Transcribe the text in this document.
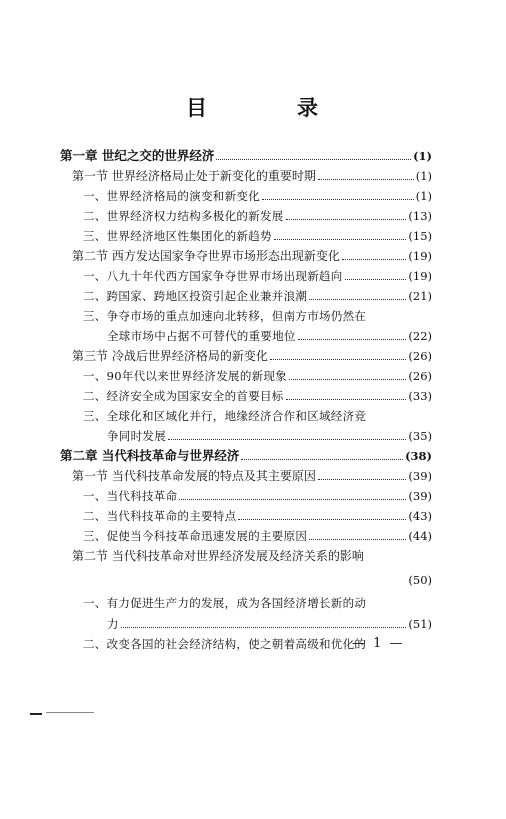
目	录
第一章 世纪之交的世界经济	(1)
第一节 世界经济格局止处于新变化的重要时期	(1)
一、世界经济格局的演变和新变化	(1)
二、世界经济权力结构多极化的新发展	(13)
三、世界经济地区性集团化的新趋势	(15)
第二节 西方发达国家争夺世界市场形态出现新变化	(19)
一、八九十年代西方国家争夺世界市场出现新趋向	(19)
二、跨国家、跨地区投资引起企业兼并浪潮	(21)
三、争夺市场的重点加速向北转移，但南方市场仍然在
全球市场中占据不可替代的重要地位	(22)
第三节 冷战后世界经济格局的新变化	(26)
一、90年代以来世界经济发展的新现象	(26)
二、经济安全成为国家安全的首要目标	(33)
三、全球化和区域化并行，地缘经济合作和区域经济竞
争同时发展	(35)
第二章 当代科技革命与世界经济	(38)
第一节 当代科技革命发展的特点及其主要原因	(39)
一、当代科技革命	(39)
二、当代科技革命的主要特点	(43)
三、促使当今科技革命迅速发展的主要原因	(44)
第二节 当代科技革命对世界经济发展及经济关系的影响
(50)
一、有力促进生产力的发展，成为各国经济增长新的动
力	(51)
二、改变各国的社会经济结构，使之朝着高级和优化的
— 1 —
